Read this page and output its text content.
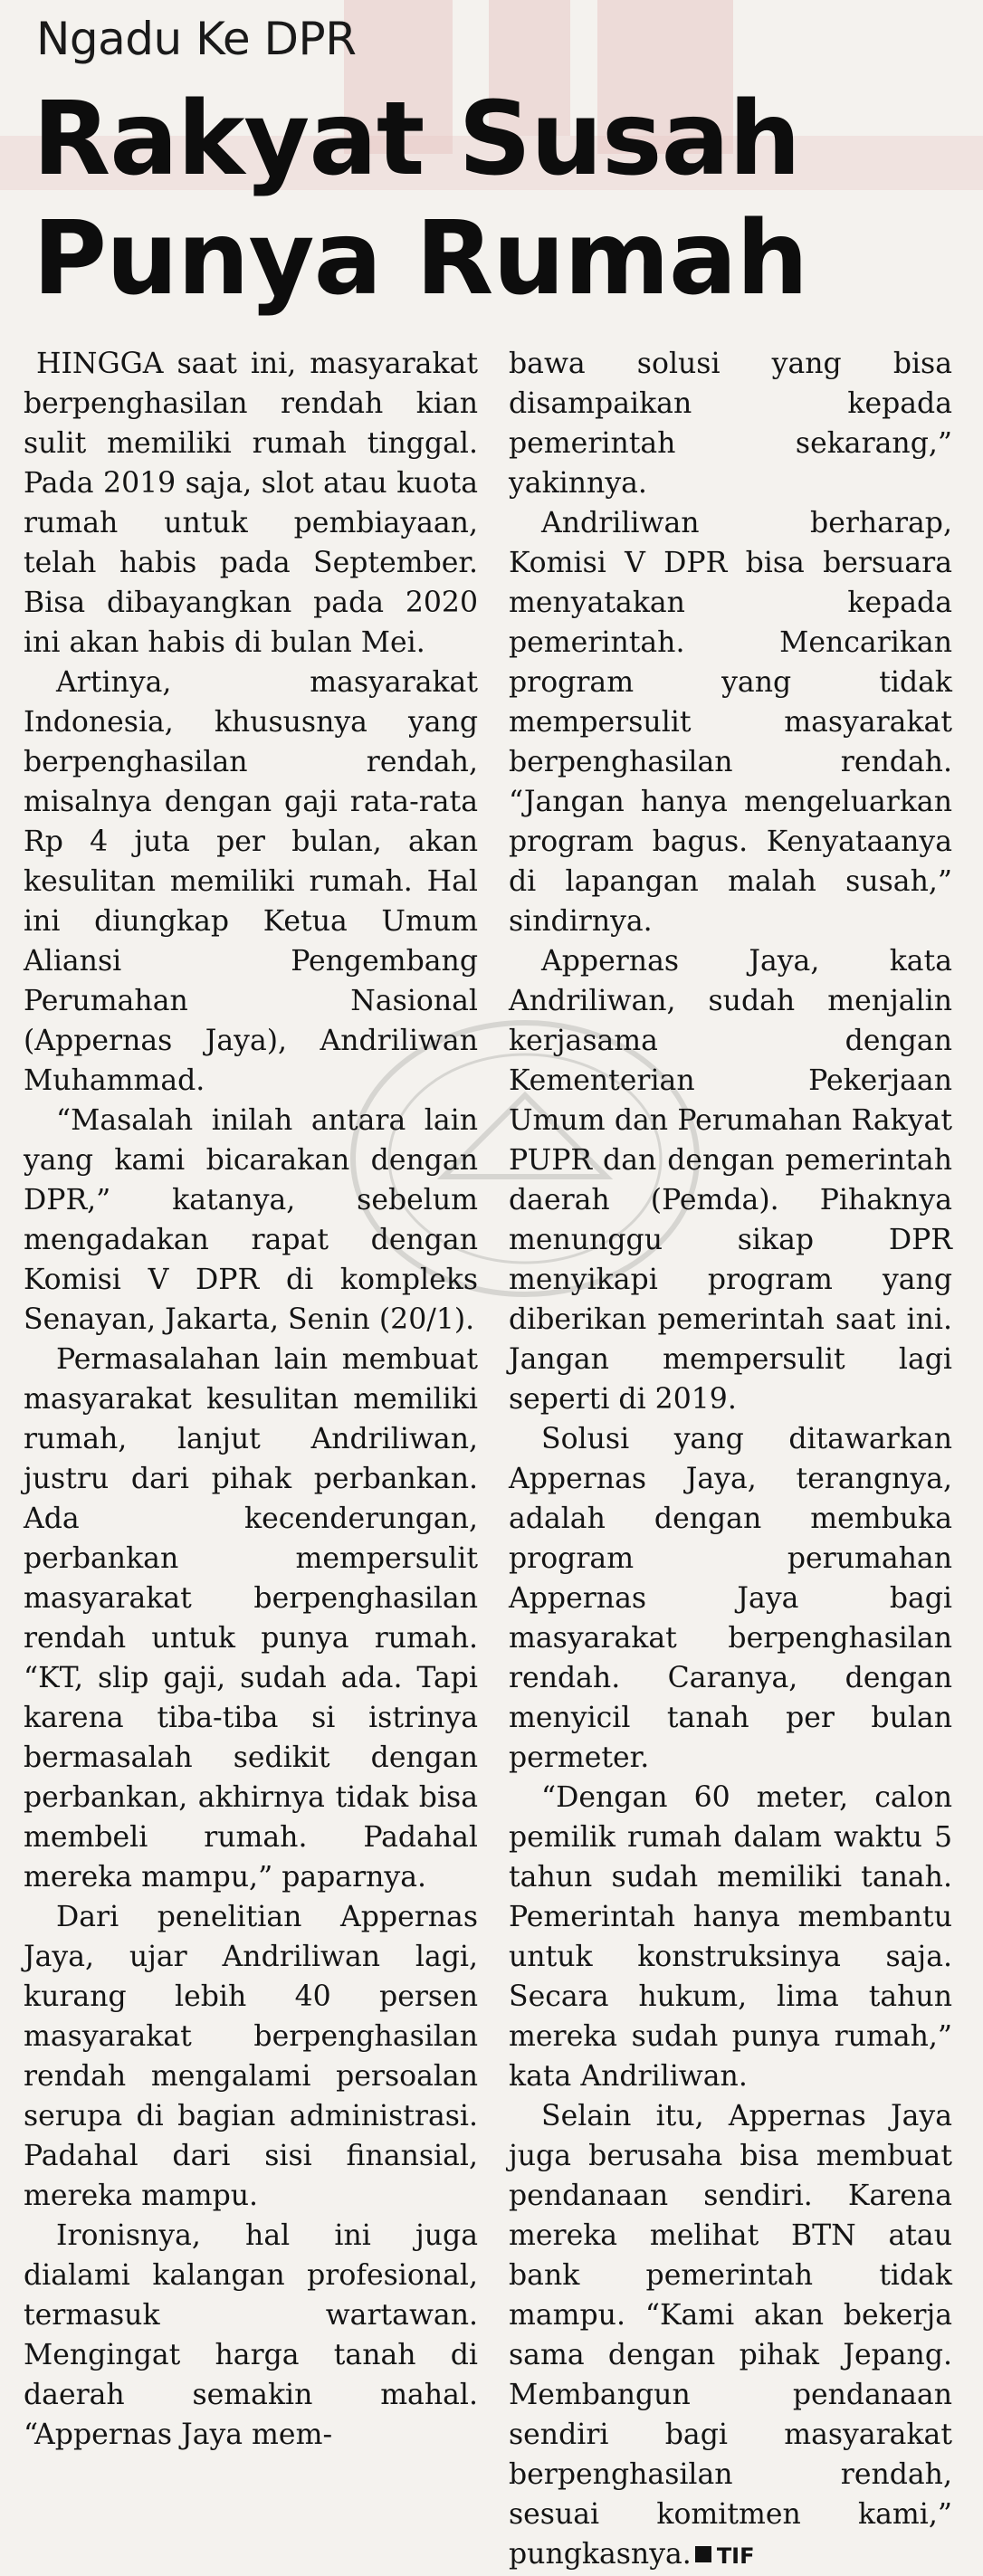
Ngadu Ke DPR
Rakyat Susah
Punya Rumah

HINGGA saat ini, masyarakat berpenghasilan rendah kian sulit memiliki rumah tinggal. Pada 2019 saja, slot atau kuota rumah untuk pembiayaan, telah habis pada September. Bisa dibayangkan pada 2020 ini akan habis di bulan Mei.

Artinya, masyarakat Indonesia, khususnya yang berpenghasilan rendah, misalnya dengan gaji rata-rata Rp 4 juta per bulan, akan kesulitan memiliki rumah. Hal ini diungkap Ketua Umum Aliansi Pengembang Perumahan Nasional (Appernas Jaya), Andriliwan Muhammad.

“Masalah inilah antara lain yang kami bicarakan dengan DPR,” katanya, sebelum mengadakan rapat dengan Komisi V DPR di kompleks Senayan, Jakarta, Senin (20/1).

Permasalahan lain membuat masyarakat kesulitan memiliki rumah, lanjut Andriliwan, justru dari pihak perbankan. Ada kecenderungan, perbankan mempersulit masyarakat berpenghasilan rendah untuk punya rumah. “KT, slip gaji, sudah ada. Tapi karena tiba-tiba si istrinya bermasalah sedikit dengan perbankan, akhirnya tidak bisa membeli rumah. Padahal mereka mampu,” paparnya.

Dari penelitian Appernas Jaya, ujar Andriliwan lagi, kurang lebih 40 persen masyarakat berpenghasilan rendah mengalami persoalan serupa di bagian administrasi. Padahal dari sisi finansial, mereka mampu.

Ironisnya, hal ini juga dialami kalangan profesional, termasuk wartawan. Mengingat harga tanah di daerah semakin mahal. “Appernas Jaya mem-

bawa solusi yang bisa disampaikan kepada pemerintah sekarang,” yakinnya.

Andriliwan berharap, Komisi V DPR bisa bersuara menyatakan kepada pemerintah. Mencarikan program yang tidak mempersulit masyarakat berpenghasilan rendah. “Jangan hanya mengeluarkan program bagus. Kenyataanya di lapangan malah susah,” sindirnya.

Appernas Jaya, kata Andriliwan, sudah menjalin kerjasama dengan Kementerian Pekerjaan Umum dan Perumahan Rakyat PUPR dan dengan pemerintah daerah (Pemda). Pihaknya menunggu sikap DPR menyikapi program yang diberikan pemerintah saat ini. Jangan mempersulit lagi seperti di 2019.

Solusi yang ditawarkan Appernas Jaya, terangnya, adalah dengan membuka program perumahan Appernas Jaya bagi masyarakat berpenghasilan rendah. Caranya, dengan menyicil tanah per bulan permeter.

“Dengan 60 meter, calon pemilik rumah dalam waktu 5 tahun sudah memiliki tanah. Pemerintah hanya membantu untuk konstruksinya saja. Secara hukum, lima tahun mereka sudah punya rumah,” kata Andriliwan.

Selain itu, Appernas Jaya juga berusaha bisa membuat pendanaan sendiri. Karena mereka melihat BTN atau bank pemerintah tidak mampu. “Kami akan bekerja sama dengan pihak Jepang. Membangun pendanaan sendiri bagi masyarakat berpenghasilan rendah, sesuai komitmen kami,” pungkasnya. TIF
